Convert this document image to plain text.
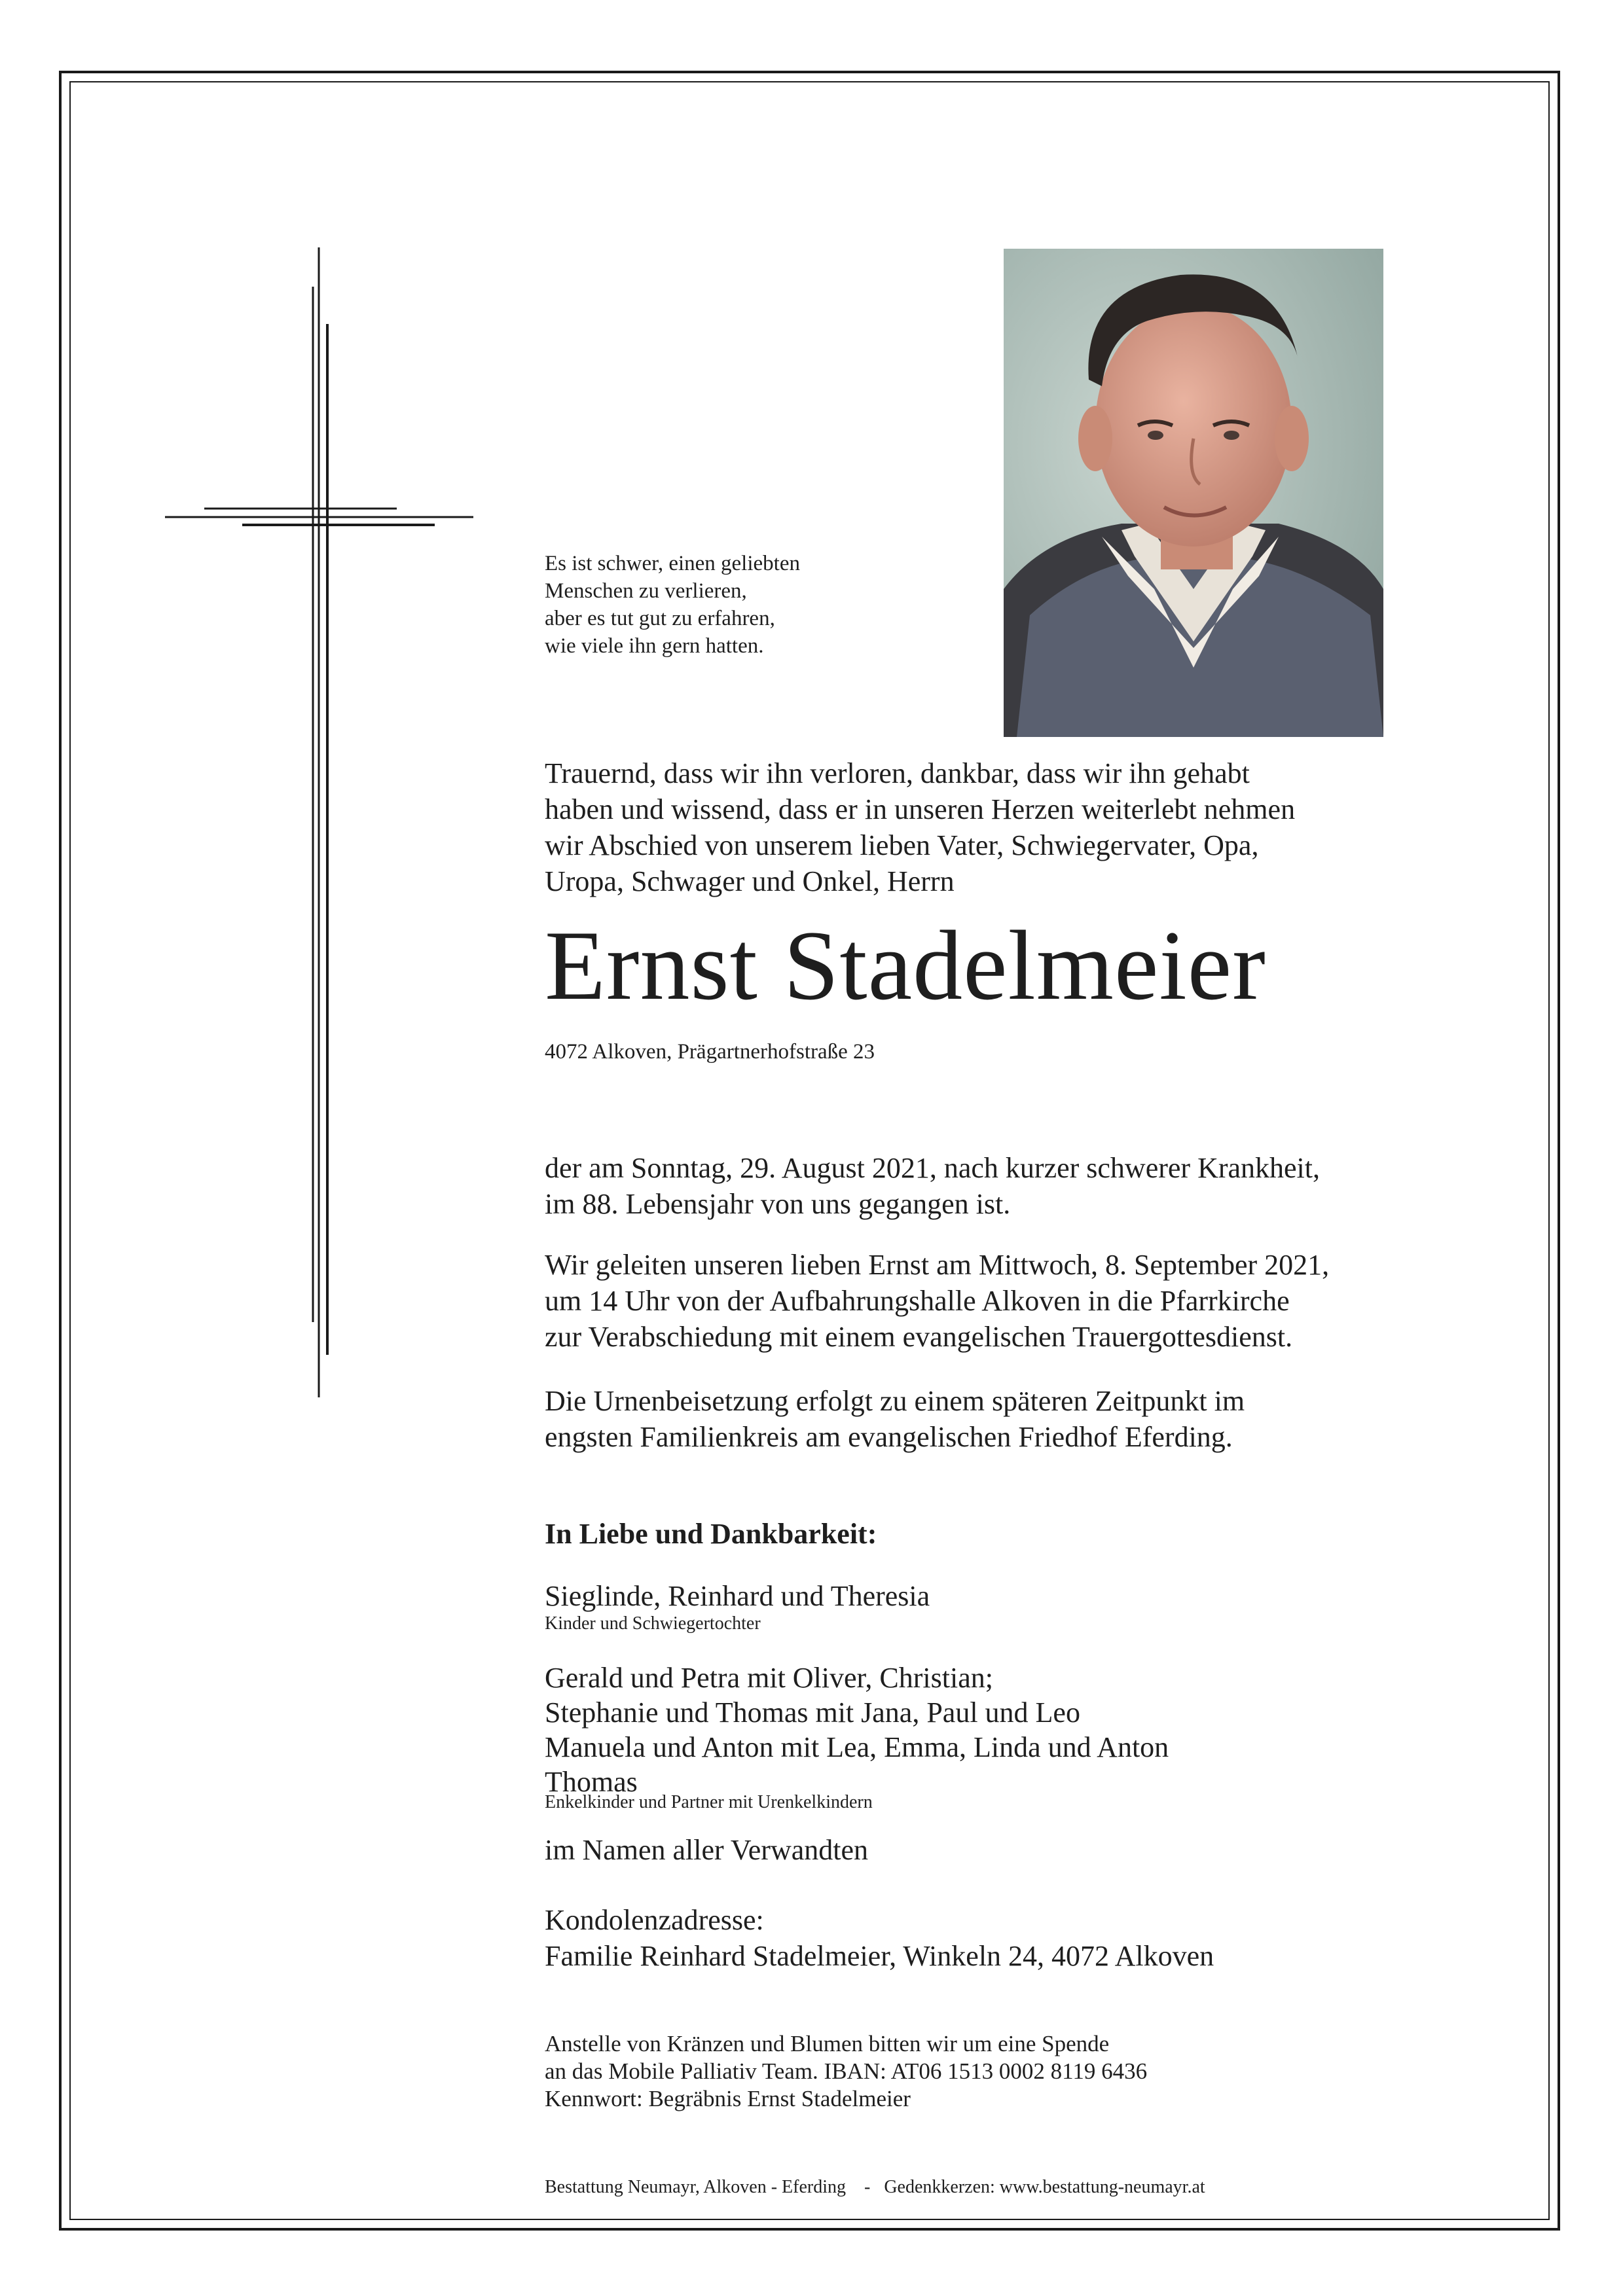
Es ist schwer, einen geliebten
Menschen zu verlieren,
aber es tut gut zu erfahren,
wie viele ihn gern hatten.
Trauernd, dass wir ihn verloren, dankbar, dass wir ihn gehabt
haben und wissend, dass er in unseren Herzen weiterlebt nehmen
wir Abschied von unserem lieben Vater, Schwiegervater, Opa,
Uropa, Schwager und Onkel, Herrn
Ernst Stadelmeier
4072 Alkoven, Prägartnerhofstraße 23
der am Sonntag, 29. August 2021, nach kurzer schwerer Krankheit,
im 88. Lebensjahr von uns gegangen ist.
Wir geleiten unseren lieben Ernst am Mittwoch, 8. September 2021,
um 14 Uhr von der Aufbahrungshalle Alkoven in die Pfarrkirche
zur Verabschiedung mit einem evangelischen Trauergottesdienst.
Die Urnenbeisetzung erfolgt zu einem späteren Zeitpunkt im
engsten Familienkreis am evangelischen Friedhof Eferding.
In Liebe und Dankbarkeit:
Sieglinde, Reinhard und Theresia
Kinder und Schwiegertochter
Gerald und Petra mit Oliver, Christian;
Stephanie und Thomas mit Jana, Paul und Leo
Manuela und Anton mit Lea, Emma, Linda und Anton
Thomas
Enkelkinder und Partner mit Urenkelkindern
im Namen aller Verwandten
Kondolenzadresse:
Familie Reinhard Stadelmeier, Winkeln 24, 4072 Alkoven
Anstelle von Kränzen und Blumen bitten wir um eine Spende
an das Mobile Palliativ Team. IBAN: AT06 1513 0002 8119 6436
Kennwort: Begräbnis Ernst Stadelmeier
Bestattung Neumayr, Alkoven - Eferding    -   Gedenkkerzen: www.bestattung-neumayr.at
